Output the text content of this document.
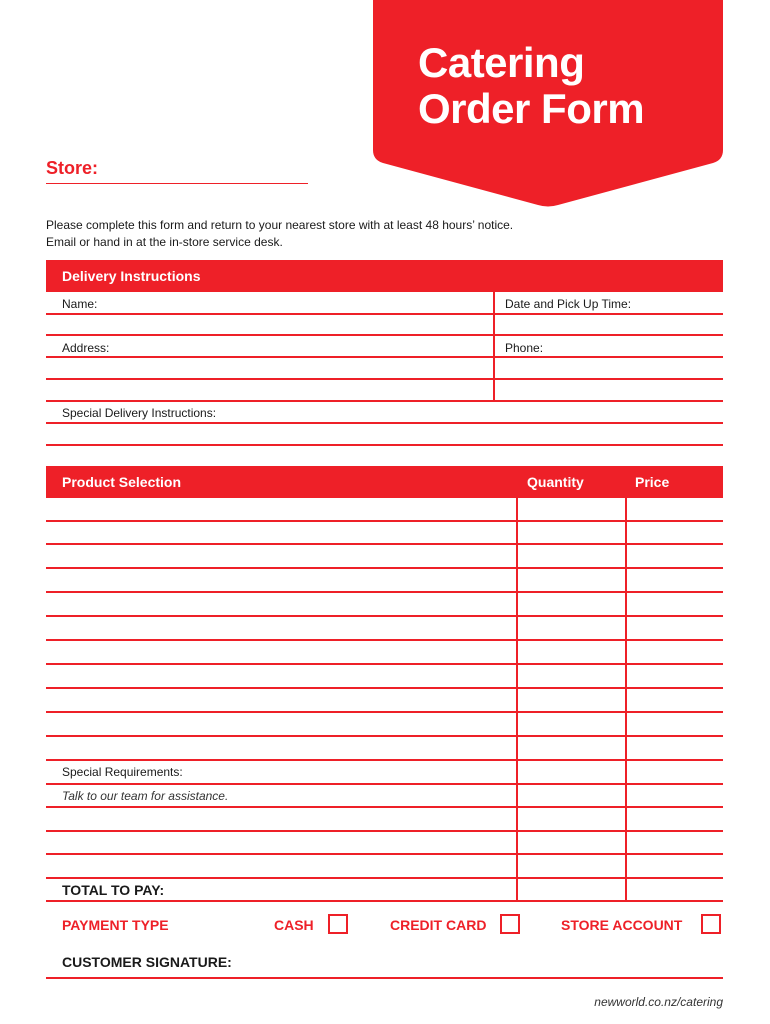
Catering
Order Form
Store:
Please complete this form and return to your nearest store with at least 48 hours’ notice.
Email or hand in at the in-store service desk.
Delivery Instructions
Name:	Date and Pick Up Time:
Address:	Phone:
Special Delivery Instructions:
Product Selection	Quantity	Price
Special Requirements:
Talk to our team for assistance.
TOTAL TO PAY:
PAYMENT TYPE	CASH	CREDIT CARD	STORE ACCOUNT
CUSTOMER SIGNATURE:
newworld.co.nz/catering
